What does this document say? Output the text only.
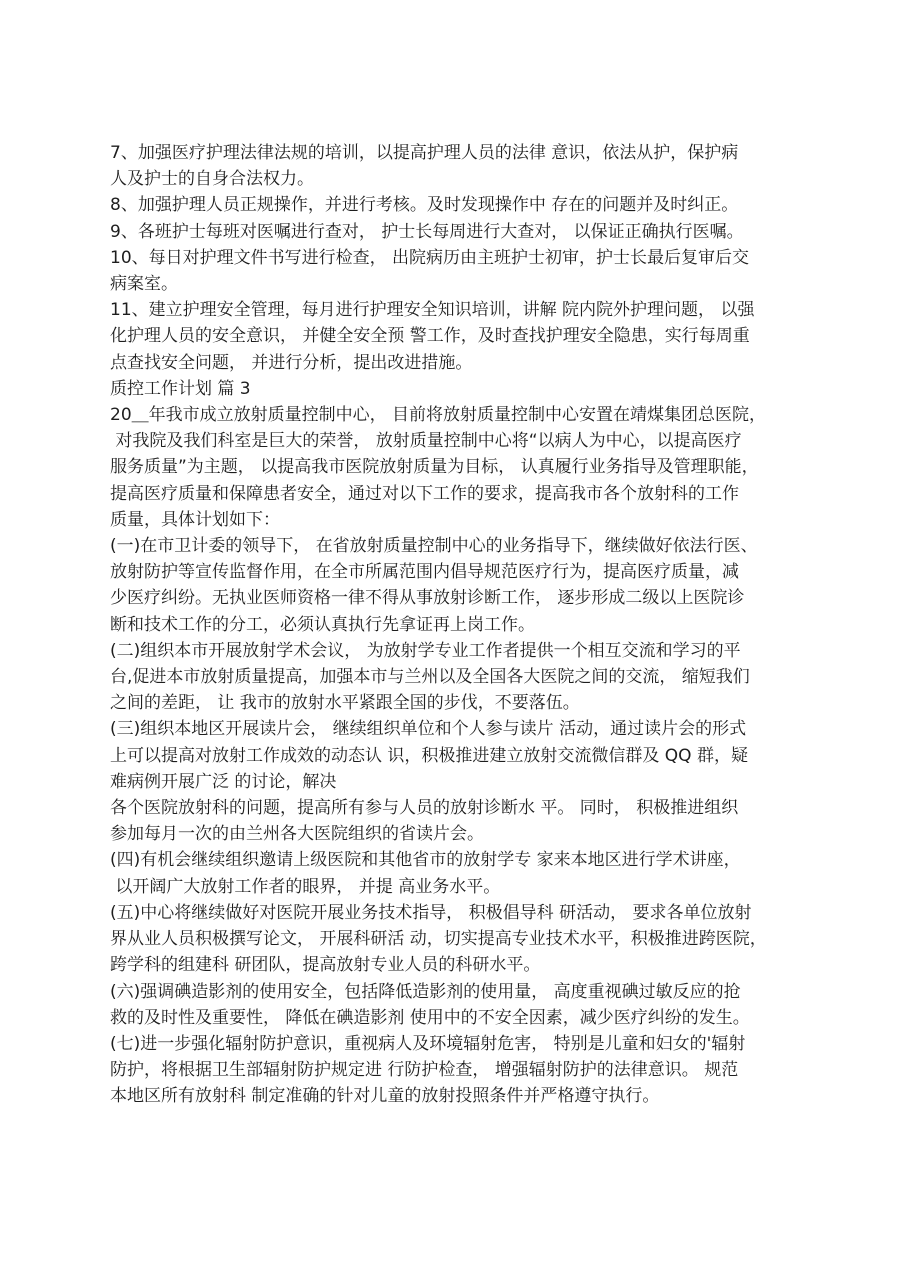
7、加强医疗护理法律法规的培训，以提高护理人员的法律 意识，依法从护，保护病
人及护士的自身合法权力。
8、加强护理人员正规操作，并进行考核。及时发现操作中 存在的问题并及时纠正。
9、各班护士每班对医嘱进行查对， 护士长每周进行大查对， 以保证正确执行医嘱。
10、每日对护理文件书写进行检查， 出院病历由主班护士初审，护士长最后复审后交
病案室。
11、建立护理安全管理，每月进行护理安全知识培训，讲解 院内院外护理问题， 以强
化护理人员的安全意识， 并健全安全预 警工作，及时查找护理安全隐患，实行每周重
点查找安全问题， 并进行分析，提出改进措施。
质控工作计划 篇 3
20＿年我市成立放射质量控制中心， 目前将放射质量控制中心安置在靖煤集团总医院，
对我院及我们科室是巨大的荣誉， 放射质量控制中心将“以病人为中心，以提高医疗
服务质量”为主题， 以提高我市医院放射质量为目标， 认真履行业务指导及管理职能，
提高医疗质量和保障患者安全，通过对以下工作的要求，提高我市各个放射科的工作
质量，具体计划如下：
(一)在市卫计委的领导下， 在省放射质量控制中心的业务指导下，继续做好依法行医、
放射防护等宣传监督作用，在全市所属范围内倡导规范医疗行为，提高医疗质量，减
少医疗纠纷。无执业医师资格一律不得从事放射诊断工作， 逐步形成二级以上医院诊
断和技术工作的分工，必须认真执行先拿证再上岗工作。
(二)组织本市开展放射学术会议， 为放射学专业工作者提供一个相互交流和学习的平
台,促进本市放射质量提高，加强本市与兰州以及全国各大医院之间的交流， 缩短我们
之间的差距， 让 我市的放射水平紧跟全国的步伐，不要落伍。
(三)组织本地区开展读片会， 继续组织单位和个人参与读片 活动，通过读片会的形式
上可以提高对放射工作成效的动态认 识，积极推进建立放射交流微信群及 QQ 群，疑
难病例开展广泛 的讨论，解决
各个医院放射科的问题，提高所有参与人员的放射诊断水 平。 同时， 积极推进组织
参加每月一次的由兰州各大医院组织的省读片会。
(四)有机会继续组织邀请上级医院和其他省市的放射学专 家来本地区进行学术讲座，
以开阔广大放射工作者的眼界， 并提 高业务水平。
(五)中心将继续做好对医院开展业务技术指导， 积极倡导科 研活动， 要求各单位放射
界从业人员积极撰写论文， 开展科研活 动，切实提高专业技术水平，积极推进跨医院，
跨学科的组建科 研团队，提高放射专业人员的科研水平。
(六)强调碘造影剂的使用安全，包括降低造影剂的使用量， 高度重视碘过敏反应的抢
救的及时性及重要性， 降低在碘造影剂 使用中的不安全因素，减少医疗纠纷的发生。
(七)进一步强化辐射防护意识，重视病人及环境辐射危害， 特别是儿童和妇女的'辐射
防护，将根据卫生部辐射防护规定进 行防护检查， 增强辐射防护的法律意识。 规范
本地区所有放射科 制定准确的针对儿童的放射投照条件并严格遵守执行。
